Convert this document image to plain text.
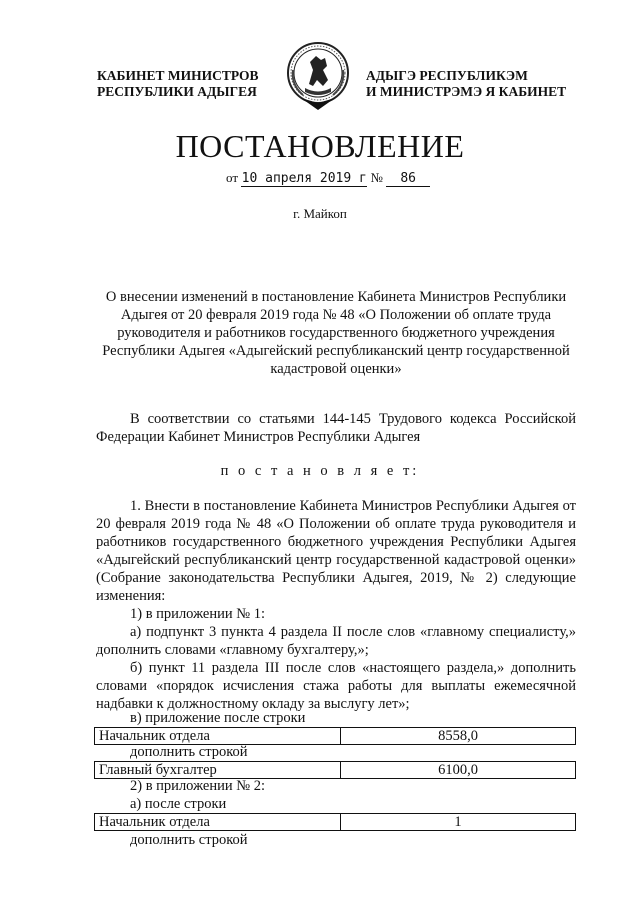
КАБИНЕТ МИНИСТРОВ
РЕСПУБЛИКИ АДЫГЕЯ
АДЫГЭ РЕСПУБЛИКЭМ
И МИНИСТРЭМЭ Я КАБИНЕТ
ПОСТАНОВЛЕНИЕ
от 10 апреля 2019 г № 86
г. Майкоп
О внесении изменений в постановление Кабинета Министров Республики Адыгея от 20 февраля 2019 года № 48 «О Положении об оплате труда руководителя и работников государственного бюджетного учреждения Республики Адыгея «Адыгейский республиканский центр государственной кадастровой оценки»
В соответствии со статьями 144-145 Трудового кодекса Российской Федерации Кабинет Министров Республики Адыгея
п о с т а н о в л я е т:
1. Внести в постановление Кабинета Министров Республики Адыгея от 20 февраля 2019 года № 48 «О Положении об оплате труда руководителя и работников государственного бюджетного учреждения Республики Адыгея «Адыгейский республиканский центр государственной кадастровой оценки» (Собрание законодательства Республики Адыгея, 2019, № 2) следующие изменения:
1) в приложении № 1:
а) подпункт 3 пункта 4 раздела II после слов «главному специалисту,» дополнить словами «главному бухгалтеру,»;
б) пункт 11 раздела III после слов «настоящего раздела,» дополнить словами «порядок исчисления стажа работы для выплаты ежемесячной надбавки к должностному окладу за выслугу лет»;
в) приложение после строки
Начальник отдела	8558,0
дополнить строкой
Главный бухгалтер	6100,0
2) в приложении № 2:
а) после строки
Начальник отдела	1
дополнить строкой
